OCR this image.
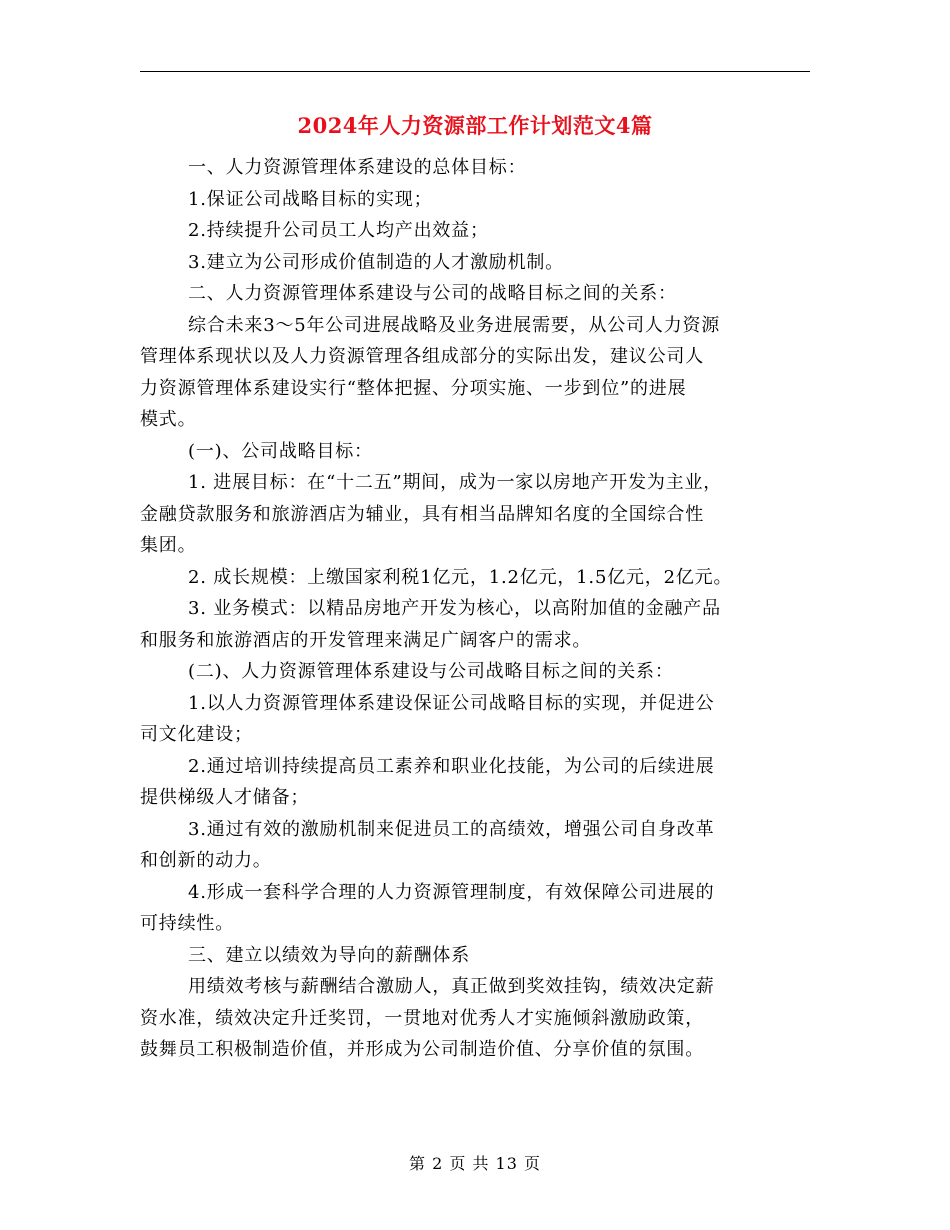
2024年人力资源部工作计划范文4篇
一、人力资源管理体系建设的总体目标：
1.保证公司战略目标的实现；
2.持续提升公司员工人均产出效益；
3.建立为公司形成价值制造的人才激励机制。
二、人力资源管理体系建设与公司的战略目标之间的关系：
综合未来3～5年公司进展战略及业务进展需要，从公司人力资源
管理体系现状以及人力资源管理各组成部分的实际出发，建议公司人
力资源管理体系建设实行“整体把握、分项实施、一步到位”的进展
模式。
(一)、公司战略目标：
1. 进展目标：在“十二五”期间，成为一家以房地产开发为主业，
金融贷款服务和旅游酒店为辅业，具有相当品牌知名度的全国综合性
集团。
2. 成长规模：上缴国家利税1亿元，1.2亿元，1.5亿元，2亿元。
3. 业务模式：以精品房地产开发为核心，以高附加值的金融产品
和服务和旅游酒店的开发管理来满足广阔客户的需求。
(二)、人力资源管理体系建设与公司战略目标之间的关系：
1.以人力资源管理体系建设保证公司战略目标的实现，并促进公
司文化建设；
2.通过培训持续提高员工素养和职业化技能，为公司的后续进展
提供梯级人才储备；
3.通过有效的激励机制来促进员工的高绩效，增强公司自身改革
和创新的动力。
4.形成一套科学合理的人力资源管理制度，有效保障公司进展的
可持续性。
三、建立以绩效为导向的薪酬体系
用绩效考核与薪酬结合激励人，真正做到奖效挂钩，绩效决定薪
资水准，绩效决定升迁奖罚，一贯地对优秀人才实施倾斜激励政策，
鼓舞员工积极制造价值，并形成为公司制造价值、分享价值的氛围。
第 2 页 共 13 页
